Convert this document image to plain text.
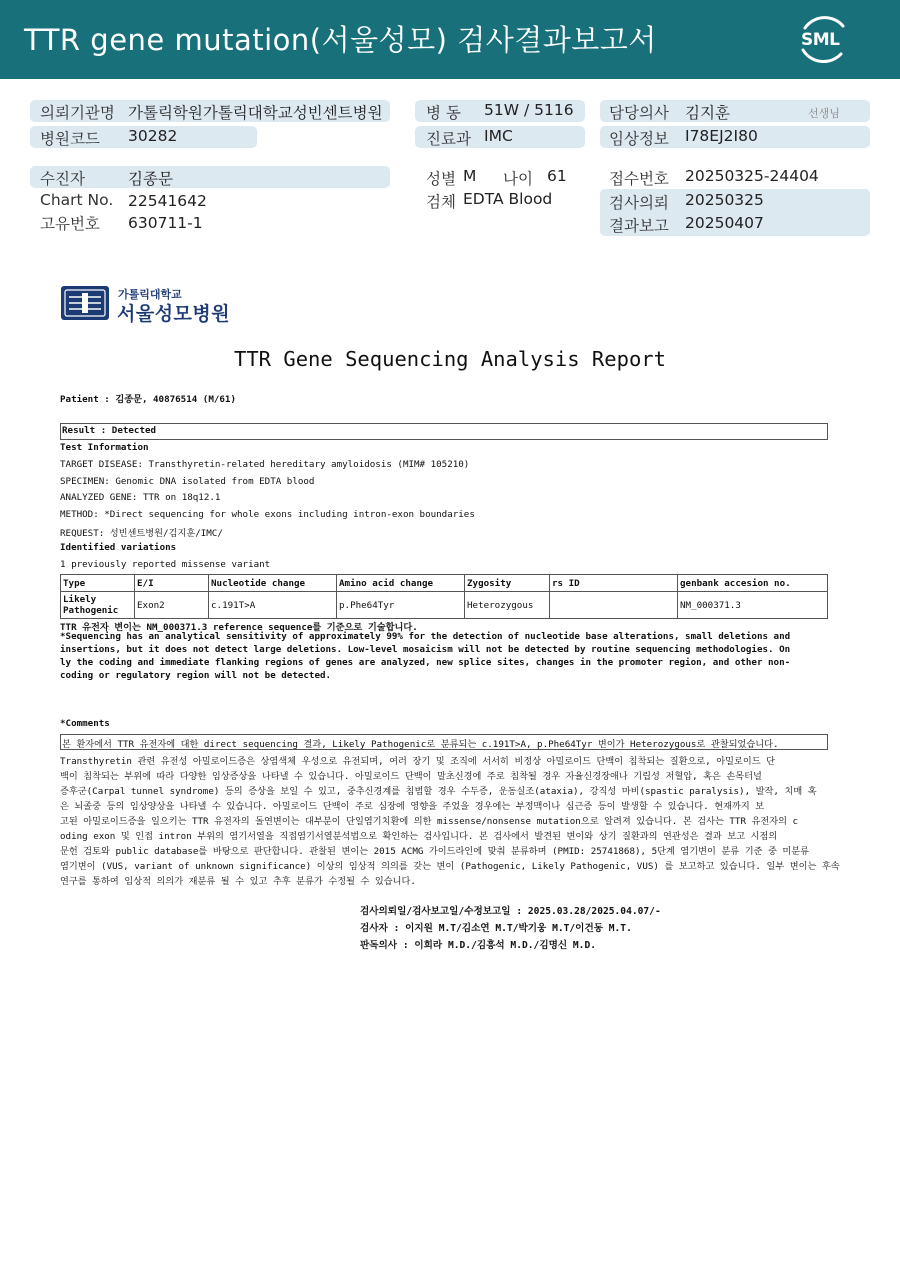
TTR gene mutation(서울성모) 검사결과보고서	SML
의뢰기관명 가톨릭학원가톨릭대학교성빈센트병원
병원코드 30282
병 동 51W / 5116
진료과 IMC
담당의사 김지훈	선생님
임상정보 I78EJ2I80
수진자	김종문
Chart No. 22541642
고유번호 630711-1
성별 M 나이 61
검체 EDTA Blood
접수번호 20250325-24404
검사의뢰 20250325
결과보고 20250407
가톨릭대학교
서울성모병원
TTR Gene Sequencing Analysis Report
Patient : 김종문, 40876514 (M/61)
Result : Detected
Test Information
TARGET DISEASE: Transthyretin-related hereditary amyloidosis (MIM# 105210)
SPECIMEN: Genomic DNA isolated from EDTA blood
ANALYZED GENE: TTR on 18q12.1
METHOD: *Direct sequencing for whole exons including intron-exon boundaries
REQUEST: 성빈센트병원/김지훈/IMC/
Identified variations
1 previously reported missense variant
Type	E/I	Nucleotide change	Amino acid change	Zygosity	rs ID	genbank accesion no.
Likely Pathogenic	Exon2	c.191T>A	p.Phe64Tyr	Heterozygous		NM_000371.3
TTR 유전자 변이는 NM_000371.3 reference sequence를 기준으로 기술합니다.
*Sequencing has an analytical sensitivity of approximately 99% for the detection of nucleotide base alterations, small deletions and
insertions, but it does not detect large deletions. Low-level mosaicism will not be detected by routine sequencing methodologies. On
ly the coding and immediate flanking regions of genes are analyzed, new splice sites, changes in the promoter region, and other non-
coding or regulatory region will not be detected.
*Comments
본 환자에서 TTR 유전자에 대한 direct sequencing 결과, Likely Pathogenic로 분류되는 c.191T>A, p.Phe64Tyr 변이가 Heterozygous로 관찰되었습니다.
Transthyretin 관련 유전성 아밀로이드증은 상염색체 우성으로 유전되며, 여러 장기 및 조직에 서서히 비정상 아밀로이드 단백이 침착되는 질환으로, 아밀로이드 단
백이 침착되는 부위에 따라 다양한 임상증상을 나타낼 수 있습니다. 아밀로이드 단백이 말초신경에 주로 침착될 경우 자율신경장애나 기립성 저혈압, 혹은 손목터널
증후군(Carpal tunnel syndrome) 등의 증상을 보일 수 있고, 중추신경계를 침범할 경우 수두증, 운동실조(ataxia), 강직성 마비(spastic paralysis), 발작, 치매 혹
은 뇌졸중 등의 임상양상을 나타낼 수 있습니다. 아밀로이드 단백이 주로 심장에 영향을 주었을 경우에는 부정맥이나 심근증 등이 발생할 수 있습니다. 현재까지 보
고된 아밀로이드증을 일으키는 TTR 유전자의 돌연변이는 대부분이 단일염기치환에 의한 missense/nonsense mutation으로 알려져 있습니다. 본 검사는 TTR 유전자의 c
oding exon 및 인접 intron 부위의 염기서열을 직접염기서열분석법으로 확인하는 검사입니다. 본 검사에서 발견된 변이와 상기 질환과의 연관성은 결과 보고 시점의
문헌 검토와 public database를 바탕으로 판단합니다. 관찰된 변이는 2015 ACMG 가이드라인에 맞춰 분류하며 (PMID: 25741868), 5단계 염기변이 분류 기준 중 미분류
염기변이 (VUS, variant of unknown significance) 이상의 임상적 의의를 갖는 변이 (Pathogenic, Likely Pathogenic, VUS) 를 보고하고 있습니다. 일부 변이는 후속
연구를 통하여 임상적 의의가 재분류 될 수 있고 추후 분류가 수정될 수 있습니다.
검사의뢰일/검사보고일/수정보고일 : 2025.03.28/2025.04.07/-
검사자 : 이지원 M.T/김소연 M.T/박기웅 M.T/이건동 M.T.
판독의사 : 이희라 M.D./김흥석 M.D./김명신 M.D.
